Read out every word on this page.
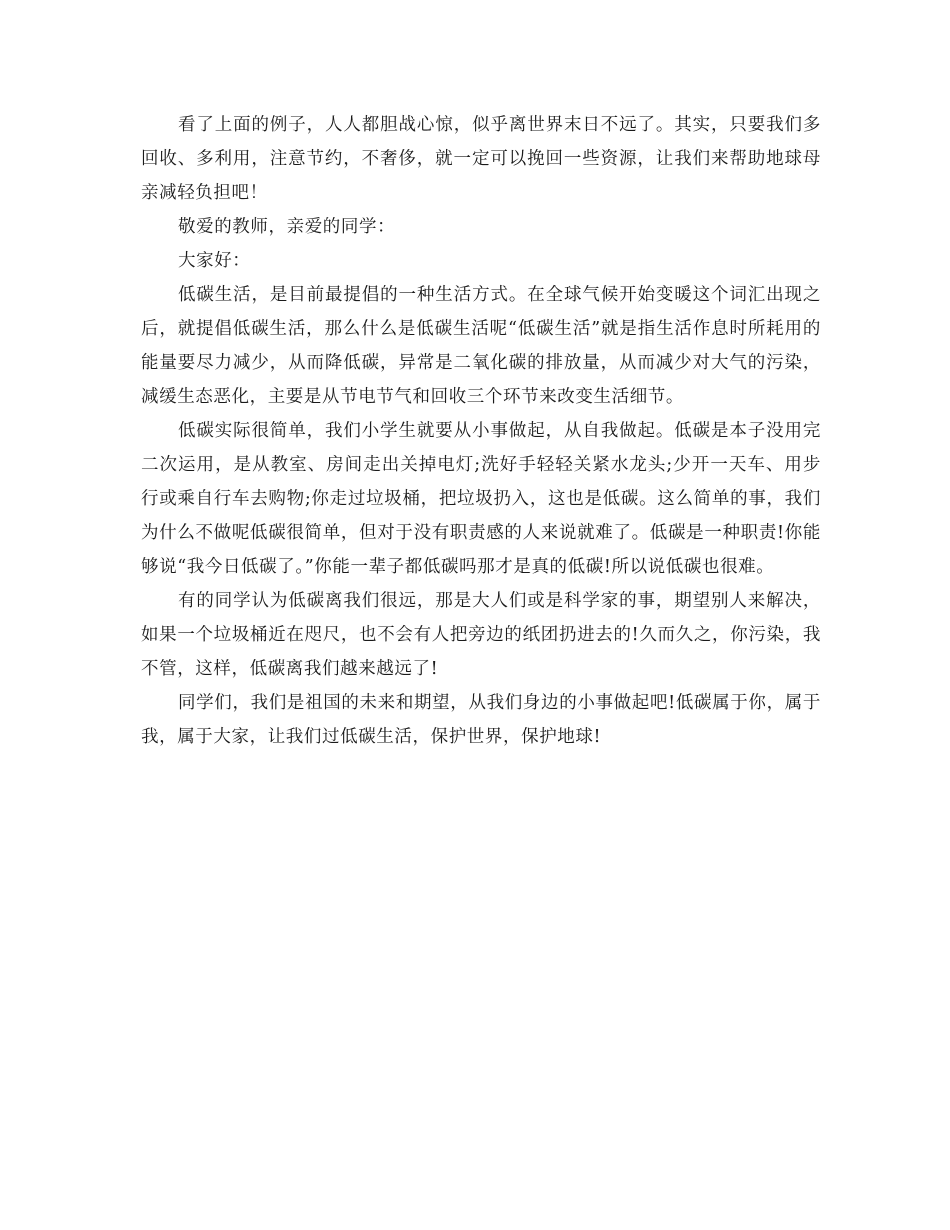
看了上面的例子，人人都胆战心惊，似乎离世界末日不远了。其实，只要我们多回收、多利用，注意节约，不奢侈，就一定可以挽回一些资源，让我们来帮助地球母亲减轻负担吧！

敬爱的教师，亲爱的同学：

大家好：

低碳生活，是目前最提倡的一种生活方式。在全球气候开始变暖这个词汇出现之后，就提倡低碳生活，那么什么是低碳生活呢“低碳生活”就是指生活作息时所耗用的能量要尽力减少，从而降低碳，异常是二氧化碳的排放量，从而减少对大气的污染，减缓生态恶化，主要是从节电节气和回收三个环节来改变生活细节。

低碳实际很简单，我们小学生就要从小事做起，从自我做起。低碳是本子没用完二次运用，是从教室、房间走出关掉电灯;洗好手轻轻关紧水龙头;少开一天车、用步行或乘自行车去购物;你走过垃圾桶，把垃圾扔入，这也是低碳。这么简单的事，我们为什么不做呢低碳很简单，但对于没有职责感的人来说就难了。低碳是一种职责!你能够说“我今日低碳了。”你能一辈子都低碳吗那才是真的低碳!所以说低碳也很难。

有的同学认为低碳离我们很远，那是大人们或是科学家的事，期望别人来解决，如果一个垃圾桶近在咫尺，也不会有人把旁边的纸团扔进去的!久而久之，你污染，我不管，这样，低碳离我们越来越远了!

同学们，我们是祖国的未来和期望，从我们身边的小事做起吧!低碳属于你，属于我，属于大家，让我们过低碳生活，保护世界，保护地球!
